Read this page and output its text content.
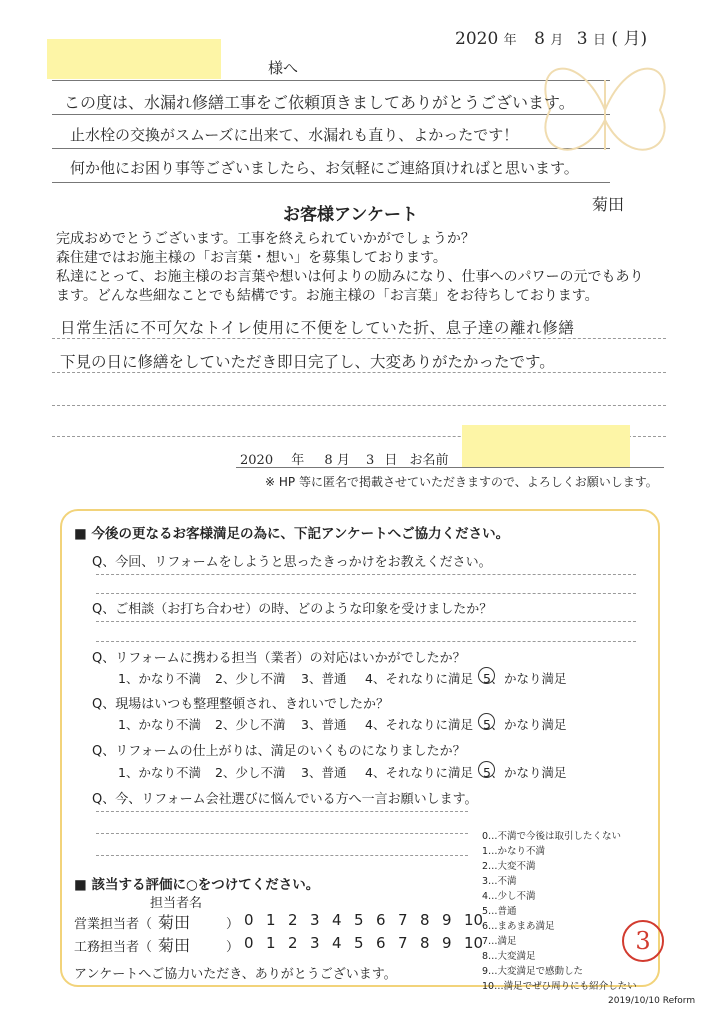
2020 年 8 月 3 日 ( 月)
様へ
この度は、水漏れ修繕工事をご依頼頂きましてありがとうございます。
止水栓の交換がスムーズに出来て、水漏れも直り、よかったです！
何か他にお困り事等ございましたら、お気軽にご連絡頂ければと思います。
菊田
お客様アンケート
完成おめでとうございます。工事を終えられていかがでしょうか？
森住建ではお施主様の「お言葉・想い」を募集しております。
私達にとって、お施主様のお言葉や想いは何よりの励みになり、仕事へのパワーの元でもあり
ます。どんな些細なことでも結構です。お施主様の「お言葉」をお待ちしております。
日常生活に不可欠なトイレ使用に不便をしていた折、息子達の離れ修繕
下見の日に修繕をしていただき即日完了し、大変ありがたかったです。
2020 年 8 月 3 日 お名前
※ HP 等に匿名で掲載させていただきますので、よろしくお願いします。
■ 今後の更なるお客様満足の為に、下記アンケートへご協力ください。
Q、今回、リフォームをしようと思ったきっかけをお教えください。
Q、ご相談（お打ち合わせ）の時、どのような印象を受けましたか？
Q、リフォームに携わる担当（業者）の対応はいかがでしたか？
1、かなり不満 2、少し不満 3、普通 4、それなりに満足 5、 かなり満足
Q、現場はいつも整理整頓され、きれいでしたか？
1、かなり不満 2、少し不満 3、普通 4、それなりに満足 5、 かなり満足
Q、リフォームの仕上がりは、満足のいくものになりましたか？
1、かなり不満 2、少し不満 3、普通 4、それなりに満足 5、 かなり満足
Q、今、リフォーム会社選びに悩んでいる方へ一言お願いします。
■ 該当する評価に○をつけてください。
担当者名
営業担当者（ 菊田	） 0 1 2 3 4 5 6 7 8 9 10
工務担当者（ 菊田	） 0 1 2 3 4 5 6 7 8 9 10
アンケートへご協力いただき、ありがとうございます。
0…不満で今後は取引したくない
1…かなり不満
2…大変不満
3…不満
4…少し不満
5…普通
6…まあまあ満足
7…満足
8…大変満足
9…大変満足で感動した
10…満足でぜひ周りにも紹介したい
3
2019/10/10 Reform
